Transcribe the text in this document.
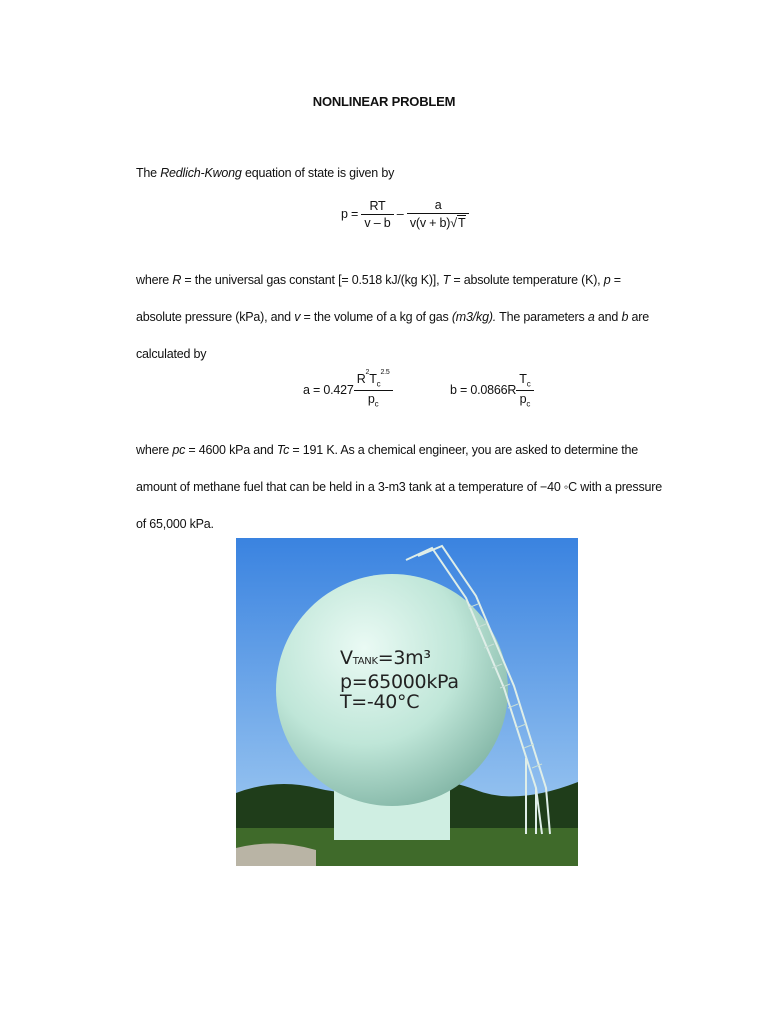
NONLINEAR PROBLEM
The Redlich-Kwong equation of state is given by
$p = \frac{RT}{v - b} - \frac{a}{v(v + b)√T}$
where R = the universal gas constant [= 0.518 kJ/(kg K)], T = absolute temperature (K), p =
absolute pressure (kPa), and v = the volume of a kg of gas (m3/kg). The parameters a and b are
calculated by
$a = 0.427 \frac{R^2T_c^{2.5}}{p_c}$	$b = 0.0866R \frac{T_c}{p_c}$
where pc = 4600 kPa and Tc = 191 K. As a chemical engineer, you are asked to determine the
amount of methane fuel that can be held in a 3-m3 tank at a temperature of −40 ◦C with a pressure
of 65,000 kPa.
VTANK=3m³
p=65000kPa
T=-40°C
